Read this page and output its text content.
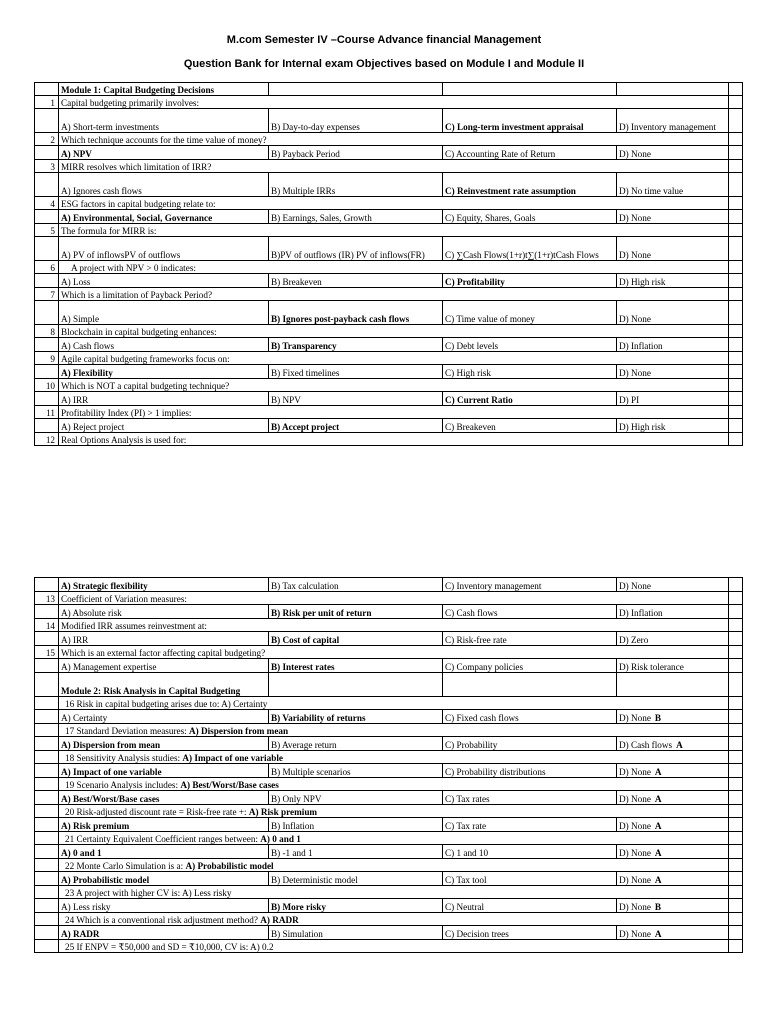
M.com Semester IV –Course Advance financial Management
Question Bank for Internal exam Objectives based on Module I and Module II
	Module 1: Capital Budgeting Decisions				
1	Capital budgeting primarily involves:				
	A) Short-term investments	B) Day-to-day expenses	C) Long-term investment appraisal	D) Inventory management	
2	Which technique accounts for the time value of money?				
	A) NPV	B) Payback Period	C) Accounting Rate of Return	D) None	
3	MIRR resolves which limitation of IRR?				
	A) Ignores cash flows	B) Multiple IRRs	C) Reinvestment rate assumption	D) No time value	
4	ESG factors in capital budgeting relate to:				
	A) Environmental, Social, Governance	B) Earnings, Sales, Growth	C) Equity, Shares, Goals	D) None	
5	The formula for MIRR is:				
	A) PV of inflowsPV of outflows	B)PV of outflows (IR) PV of inflows(FR)	C) ∑Cash Flows(1+r)t∑(1+r)tCash Flows	D) None	
6	A project with NPV > 0 indicates:				
	A) Loss	B) Breakeven	C) Profitability	D) High risk	
7	Which is a limitation of Payback Period?				
	A) Simple	B) Ignores post-payback cash flows	C) Time value of money	D) None	
8	Blockchain in capital budgeting enhances:				
	A) Cash flows	B) Transparency	C) Debt levels	D) Inflation	
9	Agile capital budgeting frameworks focus on:				
	A) Flexibility	B) Fixed timelines	C) High risk	D) None	
10	Which is NOT a capital budgeting technique?				
	A) IRR	B) NPV	C) Current Ratio	D) PI	
11	Profitability Index (PI) > 1 implies:				
	A) Reject project	B) Accept project	C) Breakeven	D) High risk	
12	Real Options Analysis is used for:				
	A) Strategic flexibility	B) Tax calculation	C) Inventory management	D) None	
13	Coefficient of Variation measures:				
	A) Absolute risk	B) Risk per unit of return	C) Cash flows	D) Inflation	
14	Modified IRR assumes reinvestment at:				
	A) IRR	B) Cost of capital	C) Risk-free rate	D) Zero	
15	Which is an external factor affecting capital budgeting?				
	A) Management expertise	B) Interest rates	C) Company policies	D) Risk tolerance	
	Module 2: Risk Analysis in Capital Budgeting				
	16 Risk in capital budgeting arises due to: A) Certainty				
	A) Certainty	B) Variability of returns	C) Fixed cash flows	D) None B	
	17 Standard Deviation measures: A) Dispersion from mean				
	A) Dispersion from mean	B) Average return	C) Probability	D) Cash flows A	
	18 Sensitivity Analysis studies: A) Impact of one variable				
	A) Impact of one variable	B) Multiple scenarios	C) Probability distributions	D) None A	
	19 Scenario Analysis includes: A) Best/Worst/Base cases				
	A) Best/Worst/Base cases	B) Only NPV	C) Tax rates	D) None A	
	20 Risk-adjusted discount rate = Risk-free rate +: A) Risk premium				
	A) Risk premium	B) Inflation	C) Tax rate	D) None A	
	21 Certainty Equivalent Coefficient ranges between: A) 0 and 1				
	A) 0 and 1	B) -1 and 1	C) 1 and 10	D) None A	
	22 Monte Carlo Simulation is a: A) Probabilistic model				
	A) Probabilistic model	B) Deterministic model	C) Tax tool	D) None A	
	23 A project with higher CV is: A) Less risky				
	A) Less risky	B) More risky	C) Neutral	D) None B	
	24 Which is a conventional risk adjustment method? A) RADR				
	A) RADR	B) Simulation	C) Decision trees	D) None A	
	25 If ENPV = ₹50,000 and SD = ₹10,000, CV is: A) 0.2				
